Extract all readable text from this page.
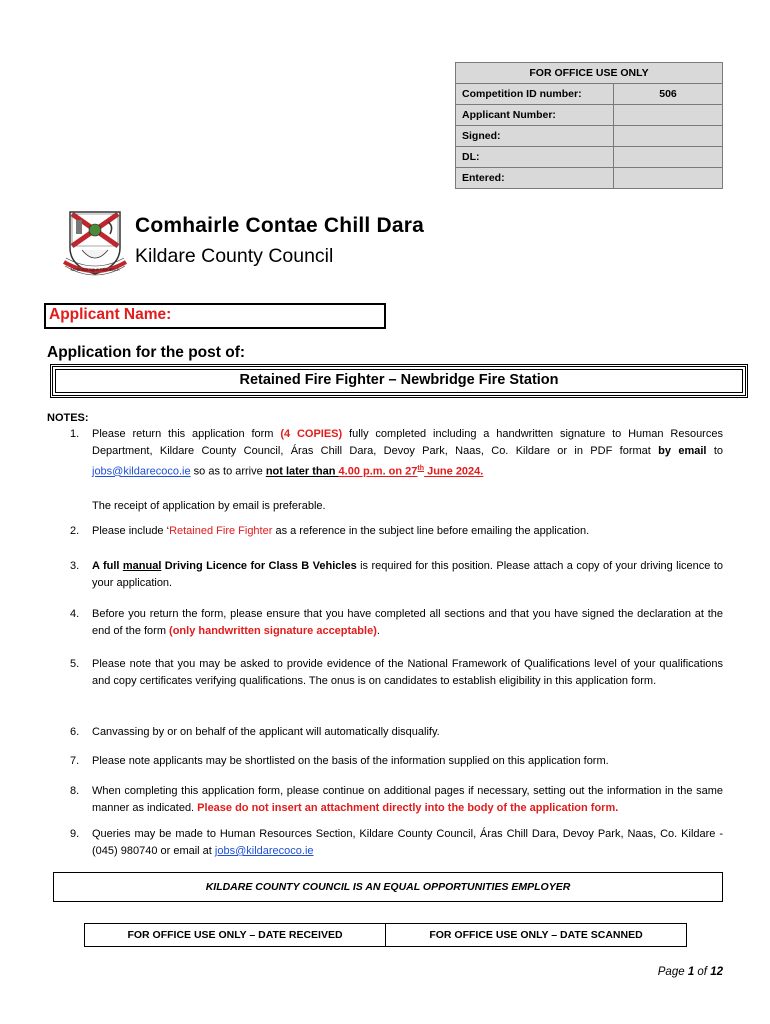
FOR OFFICE USE ONLY	
Competition ID number:	506
Applicant Number:	
Signed:	
DL:	
Entered:	
Meanma agus Misneach
Comhairle Contae Chill Dara
Kildare County Council
Applicant Name:
Application for the post of:
Retained Fire Fighter – Newbridge Fire Station
NOTES:
1.	Please return this application form (4 COPIES) fully completed including a handwritten signature to Human Resources Department, Kildare County Council, Áras Chill Dara, Devoy Park, Naas, Co. Kildare or in PDF format by email to jobs@kildarecoco.ie so as to arrive not later than 4.00 p.m. on 27th June 2024.
The receipt of application by email is preferable.
2.	Please include ‘Retained Fire Fighter as a reference in the subject line before emailing the application.
3.	A full manual Driving Licence for Class B Vehicles is required for this position. Please attach a copy of your driving licence to your application.
4.	Before you return the form, please ensure that you have completed all sections and that you have signed the declaration at the end of the form (only handwritten signature acceptable).
5.	Please note that you may be asked to provide evidence of the National Framework of Qualifications level of your qualifications and copy certificates verifying qualifications. The onus is on candidates to establish eligibility in this application form.
6.	Canvassing by or on behalf of the applicant will automatically disqualify.
7.	Please note applicants may be shortlisted on the basis of the information supplied on this application form.
8.	When completing this application form, please continue on additional pages if necessary, setting out the information in the same manner as indicated. Please do not insert an attachment directly into the body of the application form.
9.	Queries may be made to Human Resources Section, Kildare County Council, Áras Chill Dara, Devoy Park, Naas, Co. Kildare - (045) 980740 or email at jobs@kildarecoco.ie
KILDARE COUNTY COUNCIL IS AN EQUAL OPPORTUNITIES EMPLOYER
FOR OFFICE USE ONLY – DATE RECEIVED	FOR OFFICE USE ONLY – DATE SCANNED
Page 1 of 12
